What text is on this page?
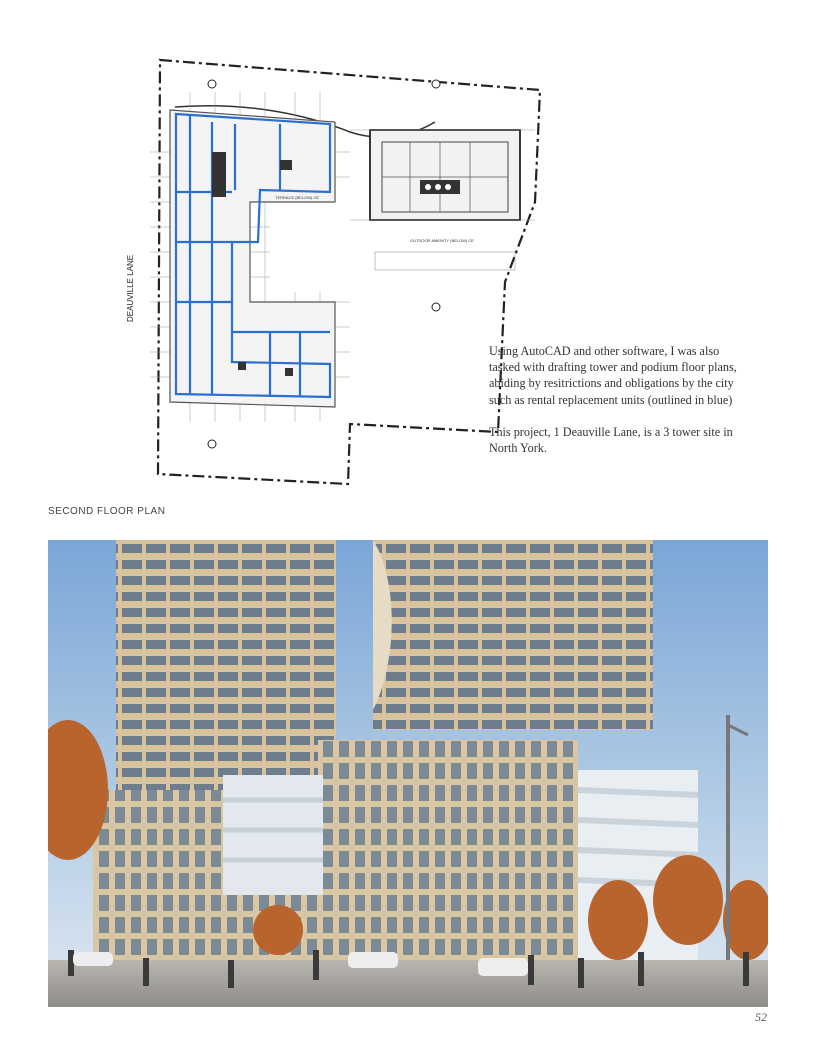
TERRACE (BELOW) CE
OUTDOOR AMENITY (BELOW) CE
DEAUVILLE LANE

Using AutoCAD and other software, I was also tasked with drafting tower and podium floor plans, abiding by resitrictions and obligations by the city such as rental replacement units (outlined in blue)

This project, 1 Deauville Lane, is a 3 tower site in North York.

SECOND FLOOR PLAN
52
